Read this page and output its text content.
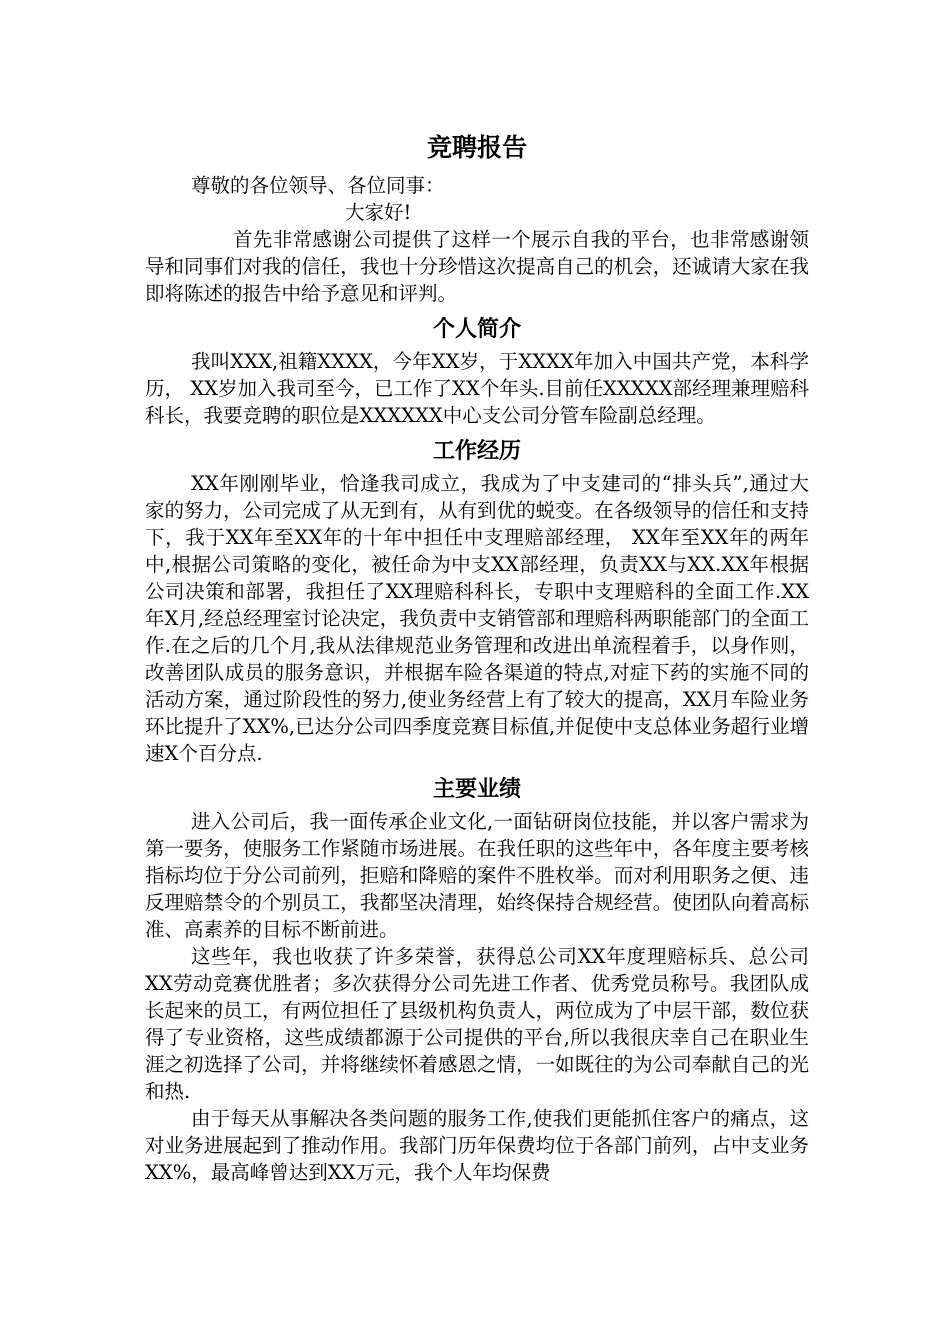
竞聘报告

尊敬的各位领导、各位同事：

大家好!

首先非常感谢公司提供了这样一个展示自我的平台，也非常感谢领导和同事们对我的信任，我也十分珍惜这次提高自己的机会，还诚请大家在我即将陈述的报告中给予意见和评判。

个人简介

我叫XXX,祖籍XXXX，今年XX岁，于XXXX年加入中国共产党，本科学历， XX岁加入我司至今，已工作了XX个年头.目前任XXXXX部经理兼理赔科科长，我要竞聘的职位是XXXXXX中心支公司分管车险副总经理。

工作经历

XX年刚刚毕业，恰逢我司成立，我成为了中支建司的“排头兵”,通过大家的努力，公司完成了从无到有，从有到优的蜕变。在各级领导的信任和支持下，我于XX年至XX年的十年中担任中支理赔部经理， XX年至XX年的两年中,根据公司策略的变化，被任命为中支XX部经理，负责XX与XX.XX年根据公司决策和部署，我担任了XX理赔科科长，专职中支理赔科的全面工作.XX年X月,经总经理室讨论决定，我负责中支销管部和理赔科两职能部门的全面工作.在之后的几个月,我从法律规范业务管理和改进出单流程着手，以身作则，改善团队成员的服务意识，并根据车险各渠道的特点,对症下药的实施不同的活动方案，通过阶段性的努力,使业务经营上有了较大的提高，XX月车险业务环比提升了XX%,已达分公司四季度竞赛目标值,并促使中支总体业务超行业增速X个百分点.

主要业绩

进入公司后，我一面传承企业文化,一面钻研岗位技能，并以客户需求为第一要务，使服务工作紧随市场进展。在我任职的这些年中，各年度主要考核指标均位于分公司前列，拒赔和降赔的案件不胜枚举。而对利用职务之便、违反理赔禁令的个别员工，我都坚决清理，始终保持合规经营。使团队向着高标准、高素养的目标不断前进。

这些年，我也收获了许多荣誉，获得总公司XX年度理赔标兵、总公司XX劳动竞赛优胜者；多次获得分公司先进工作者、优秀党员称号。我团队成长起来的员工，有两位担任了县级机构负责人，两位成为了中层干部，数位获得了专业资格，这些成绩都源于公司提供的平台,所以我很庆幸自己在职业生涯之初选择了公司，并将继续怀着感恩之情，一如既往的为公司奉献自己的光和热.

由于每天从事解决各类问题的服务工作,使我们更能抓住客户的痛点，这对业务进展起到了推动作用。我部门历年保费均位于各部门前列，占中支业务XX%，最高峰曾达到XX万元，我个人年均保费
